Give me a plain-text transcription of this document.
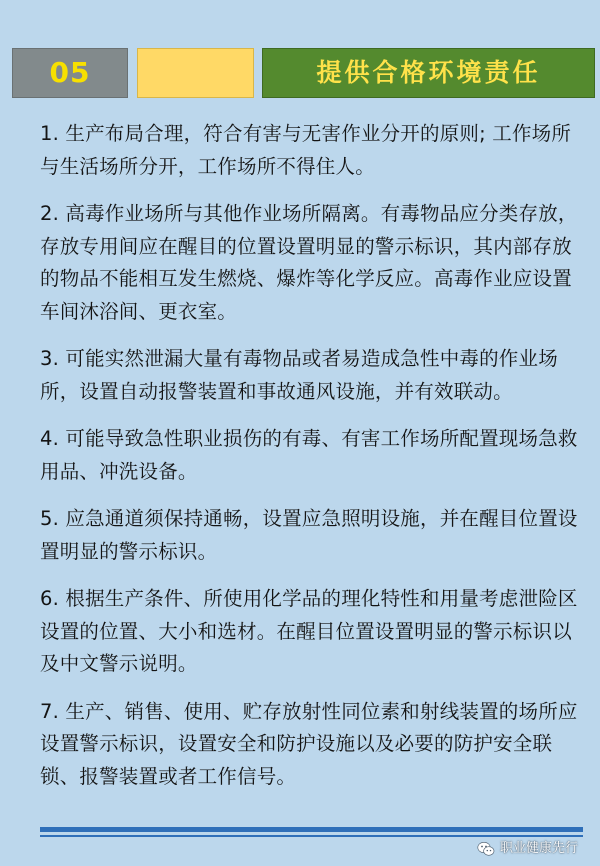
05	提供合格环境责任

1. 生产布局合理，符合有害与无害作业分开的原则; 工作场所与生活场所分开，工作场所不得住人。

2. 高毒作业场所与其他作业场所隔离。有毒物品应分类存放，存放专用间应在醒目的位置设置明显的警示标识，其内部存放的物品不能相互发生燃烧、爆炸等化学反应。高毒作业应设置车间沐浴间、更衣室。

3. 可能实然泄漏大量有毒物品或者易造成急性中毒的作业场所，设置自动报警装置和事故通风设施，并有效联动。

4. 可能导致急性职业损伤的有毒、有害工作场所配置现场急救用品、冲洗设备。

5. 应急通道须保持通畅，设置应急照明设施，并在醒目位置设置明显的警示标识。

6. 根据生产条件、所使用化学品的理化特性和用量考虑泄险区设置的位置、大小和选材。在醒目位置设置明显的警示标识以及中文警示说明。

7. 生产、销售、使用、贮存放射性同位素和射线装置的场所应设置警示标识，设置安全和防护设施以及必要的防护安全联锁、报警装置或者工作信号。

职业健康先行
